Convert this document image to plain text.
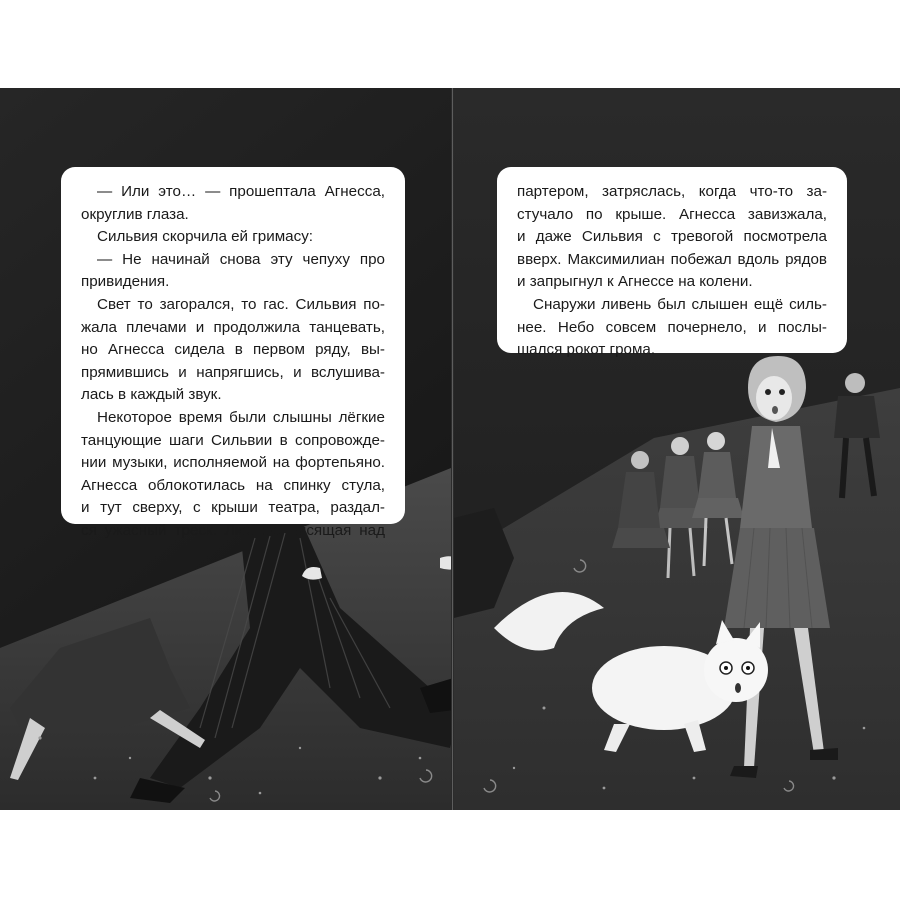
— Или это… — прошептала Агнесса,
округлив глаза.
Сильвия скорчила ей гримасу:
— Не начинай снова эту чепуху про
привидения.
Свет то загорался, то гас. Сильвия по-
жала плечами и продолжила танцевать,
но Агнесса сидела в первом ряду, вы-
прямившись и напрягшись, и вслушива-
лась в каждый звук.
Некоторое время были слышны лёгкие
танцующие шаги Сильвии в сопровожде-
нии музыки, исполняемой на фортепьяно.
Агнесса облокотилась на спинку стула,
и тут сверху, с крыши театра, раздал-
ся ужасный треск. Люстра, висящая над
партером, затряслась, когда что-то за-
стучало по крыше. Агнесса завизжала,
и даже Сильвия с тревогой посмотрела
вверх. Максимилиан побежал вдоль рядов
и запрыгнул к Агнессе на колени.
Снаружи ливень был слышен ещё силь-
нее. Небо совсем почернело, и послы-
шался рокот грома.
